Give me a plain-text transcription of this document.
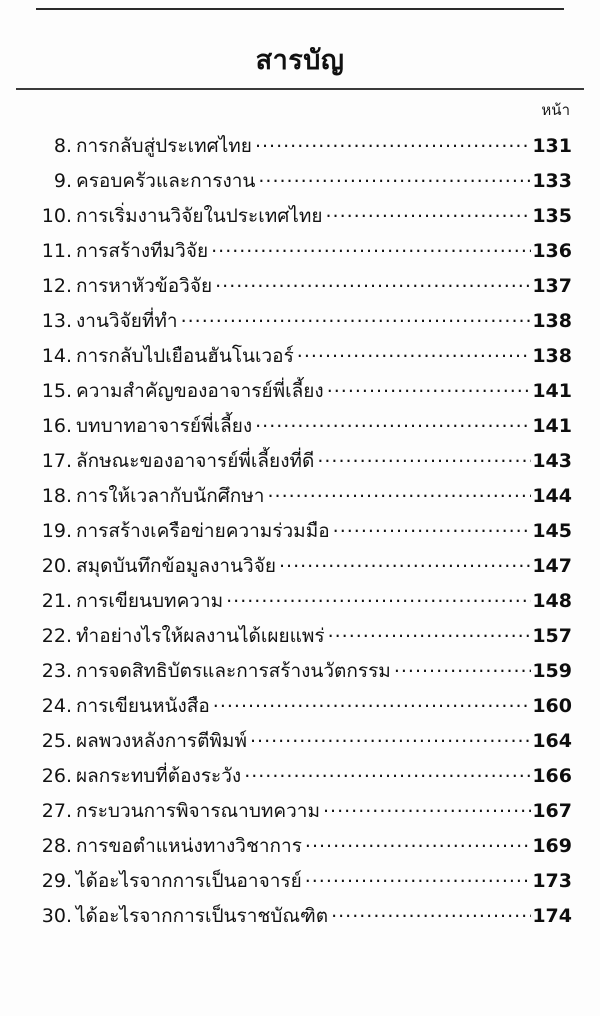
สารบัญ
หน้า
8. การกลับสู่ประเทศไทย .....	131
9. ครอบครัวและการงาน .....	133
10. การเริ่มงานวิจัยในประเทศไทย .....	135
11. การสร้างทีมวิจัย .....	136
12. การหาหัวข้อวิจัย .....	137
13. งานวิจัยที่ทำ .....	138
14. การกลับไปเยือนฮันโนเวอร์ .....	138
15. ความสำคัญของอาจารย์พี่เลี้ยง .....	141
16. บทบาทอาจารย์พี่เลี้ยง .....	141
17. ลักษณะของอาจารย์พี่เลี้ยงที่ดี .....	143
18. การให้เวลากับนักศึกษา .....	144
19. การสร้างเครือข่ายความร่วมมือ .....	145
20. สมุดบันทึกข้อมูลงานวิจัย .....	147
21. การเขียนบทความ .....	148
22. ทำอย่างไรให้ผลงานได้เผยแพร่ .....	157
23. การจดสิทธิบัตรและการสร้างนวัตกรรม .....	159
24. การเขียนหนังสือ .....	160
25. ผลพวงหลังการตีพิมพ์ .....	164
26. ผลกระทบที่ต้องระวัง .....	166
27. กระบวนการพิจารณาบทความ .....	167
28. การขอตำแหน่งทางวิชาการ .....	169
29. ได้อะไรจากการเป็นอาจารย์ .....	173
30. ได้อะไรจากการเป็นราชบัณฑิต .....	174
